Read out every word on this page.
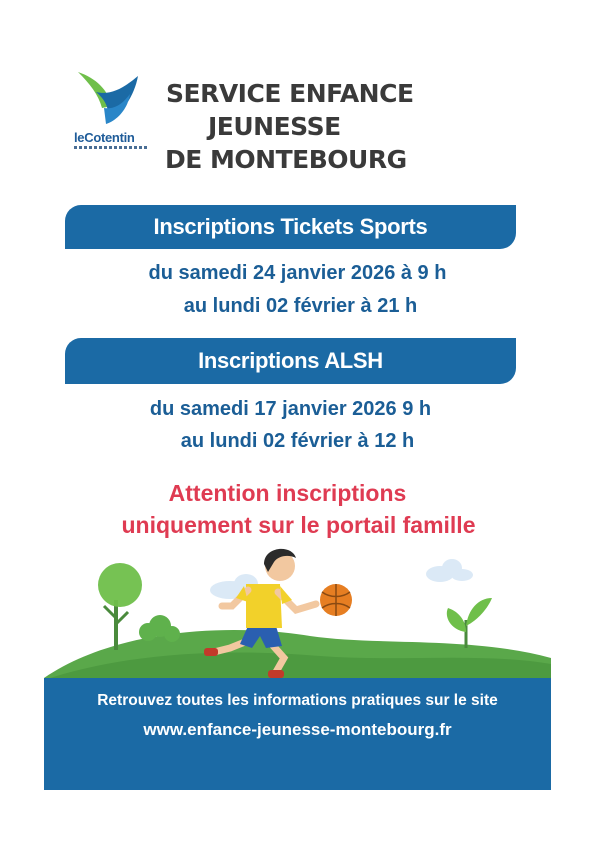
leCotentin
SERVICE ENFANCE
JEUNESSE
DE MONTEBOURG
Inscriptions Tickets Sports
du samedi 24 janvier 2026 à 9 h
au lundi 02 février à 21 h
Inscriptions ALSH
du samedi 17 janvier 2026 9 h
au lundi 02 février à 12 h
Attention inscriptions
uniquement sur le portail famille
Retrouvez toutes les informations pratiques sur le site
www.enfance-jeunesse-montebourg.fr
